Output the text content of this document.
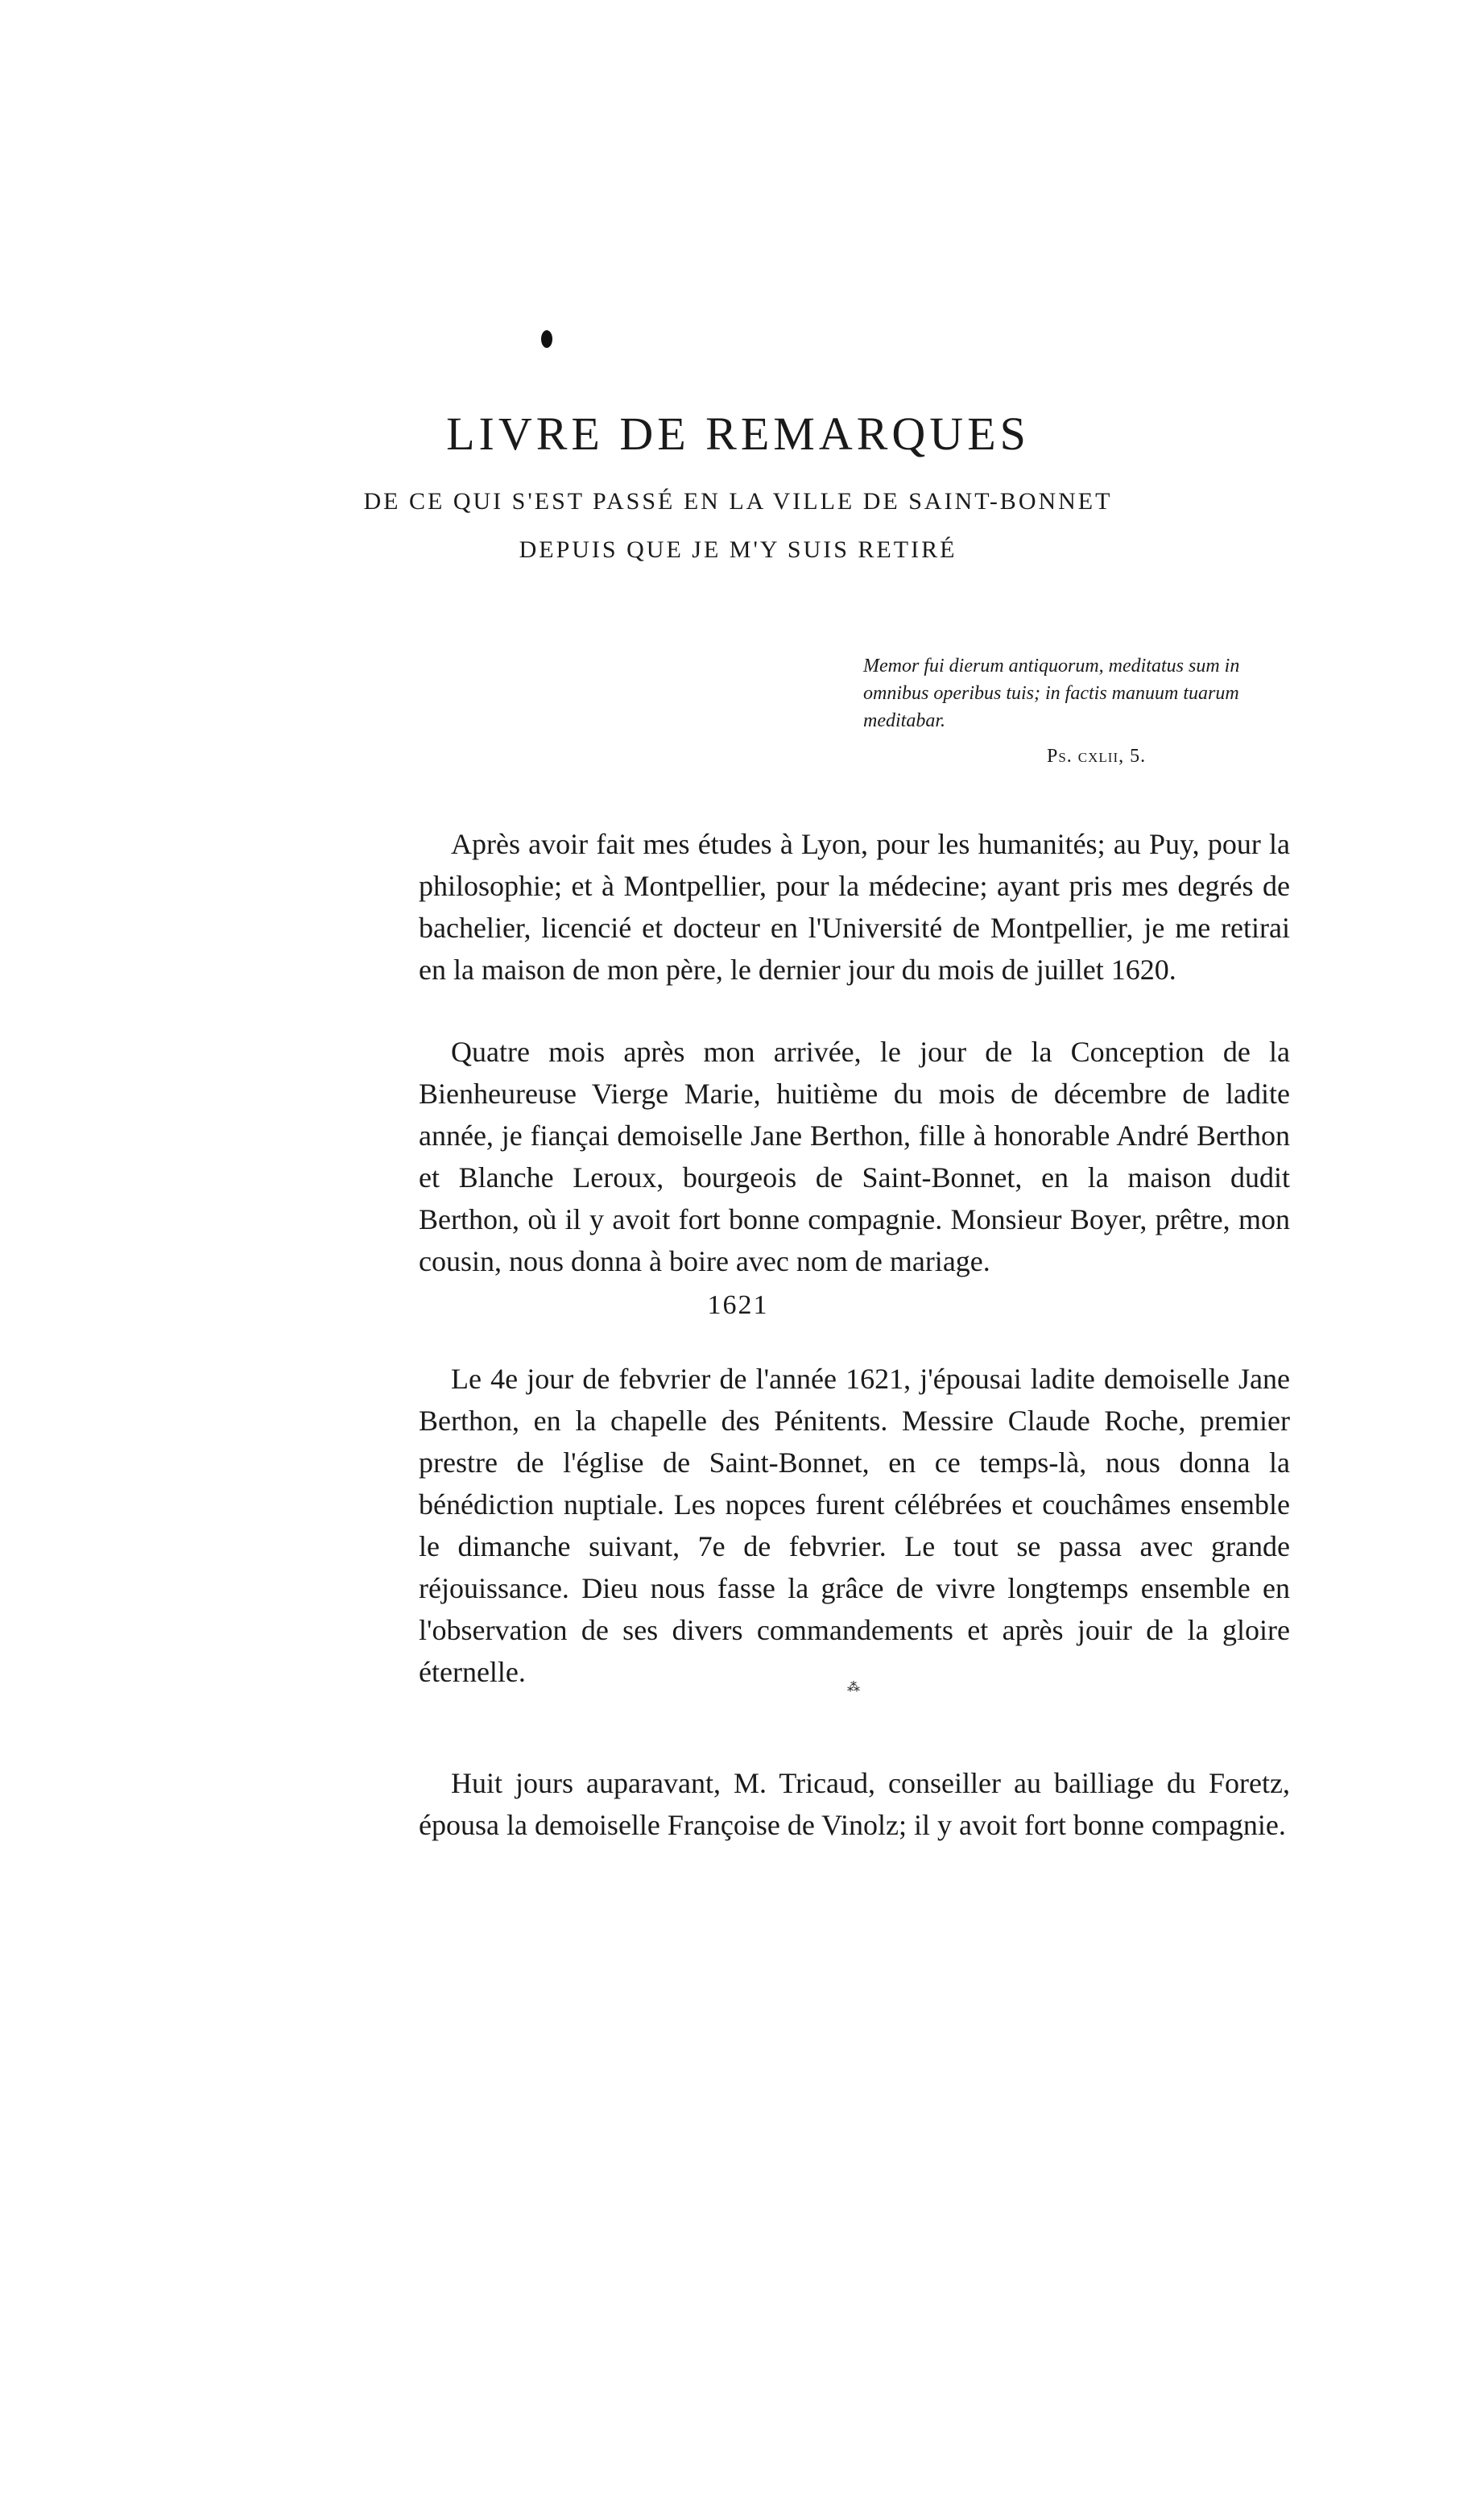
LIVRE DE REMARQUES
DE CE QUI S'EST PASSÉ EN LA VILLE DE SAINT-BONNET
DEPUIS QUE JE M'Y SUIS RETIRÉ
Memor fui dierum antiquorum, meditatus sum in omnibus operibus tuis; in factis manuum tuarum meditabar.
Ps. cxlii, 5.

Après avoir fait mes études à Lyon, pour les humanités; au Puy, pour la philosophie; et à Montpellier, pour la médecine; ayant pris mes degrés de bachelier, licencié et docteur en l'Université de Montpellier, je me retirai en la maison de mon père, le dernier jour du mois de juillet 1620.

Quatre mois après mon arrivée, le jour de la Conception de la Bienheureuse Vierge Marie, huitième du mois de décembre de ladite année, je fiançai demoiselle Jane Berthon, fille à honorable André Berthon et Blanche Leroux, bourgeois de Saint-Bonnet, en la maison dudit Berthon, où il y avoit fort bonne compagnie. Monsieur Boyer, prêtre, mon cousin, nous donna à boire avec nom de mariage.

1621

Le 4e jour de febvrier de l'année 1621, j'épousai ladite demoiselle Jane Berthon, en la chapelle des Pénitents. Messire Claude Roche, premier prestre de l'église de Saint-Bonnet, en ce temps-là, nous donna la bénédiction nuptiale. Les nopces furent célébrées et couchâmes ensemble le dimanche suivant, 7e de febvrier. Le tout se passa avec grande réjouissance. Dieu nous fasse la grâce de vivre longtemps ensemble en l'observation de ses divers commandements et après jouir de la gloire éternelle.	⁂

Huit jours auparavant, M. Tricaud, conseiller au bailliage du Foretz, épousa la demoiselle Françoise de Vinolz; il y avoit fort bonne compagnie.
